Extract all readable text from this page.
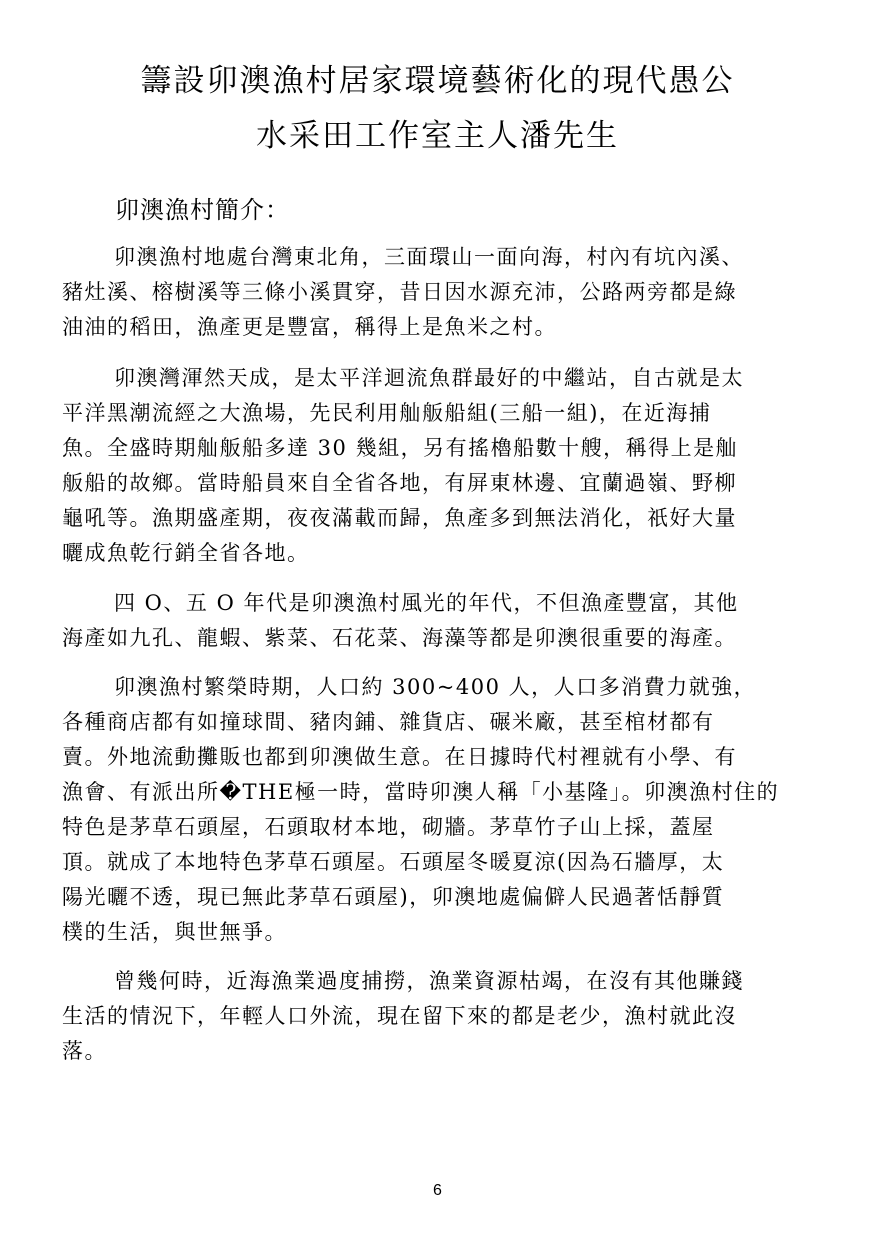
籌設卯澳漁村居家環境藝術化的現代愚公
水采田工作室主人潘先生
卯澳漁村簡介：
卯澳漁村地處台灣東北角，三面環山一面向海，村內有坑內溪、
豬灶溪、榕樹溪等三條小溪貫穿，昔日因水源充沛，公路两旁都是綠
油油的稻田，漁產更是豐富，稱得上是魚米之村。
卯澳灣渾然天成，是太平洋迴流魚群最好的中繼站，自古就是太
平洋黑潮流經之大漁場，先民利用舢舨船組(三船一組)，在近海捕
魚。全盛時期舢舨船多達 30 幾組，另有搖櫓船數十艘，稱得上是舢
舨船的故鄉。當時船員來自全省各地，有屏東林邊、宜蘭過嶺、野柳
龜吼等。漁期盛產期，夜夜滿載而歸，魚產多到無法消化，祇好大量
曬成魚乾行銷全省各地。
四 O、五 O 年代是卯澳漁村風光的年代，不但漁產豐富，其他
海產如九孔、龍蝦、紫菜、石花菜、海藻等都是卯澳很重要的海產。
卯澳漁村繁榮時期，人口約 300~400 人，人口多消費力就強，
各種商店都有如撞球間、豬肉鋪、雜貨店、碾米廠，甚至棺材都有
賣。外地流動攤販也都到卯澳做生意。在日據時代村裡就有小學、有
漁會、有派出所�THE極一時，當時卯澳人稱「小基隆」。卯澳漁村住的
特色是茅草石頭屋，石頭取材本地，砌牆。茅草竹子山上採，蓋屋
頂。就成了本地特色茅草石頭屋。石頭屋冬暖夏涼(因為石牆厚，太
陽光曬不透，現已無此茅草石頭屋)，卯澳地處偏僻人民過著恬靜質
樸的生活，與世無爭。
曾幾何時，近海漁業過度捕撈，漁業資源枯竭，在沒有其他賺錢
生活的情況下，年輕人口外流，現在留下來的都是老少，漁村就此沒
落。
6
